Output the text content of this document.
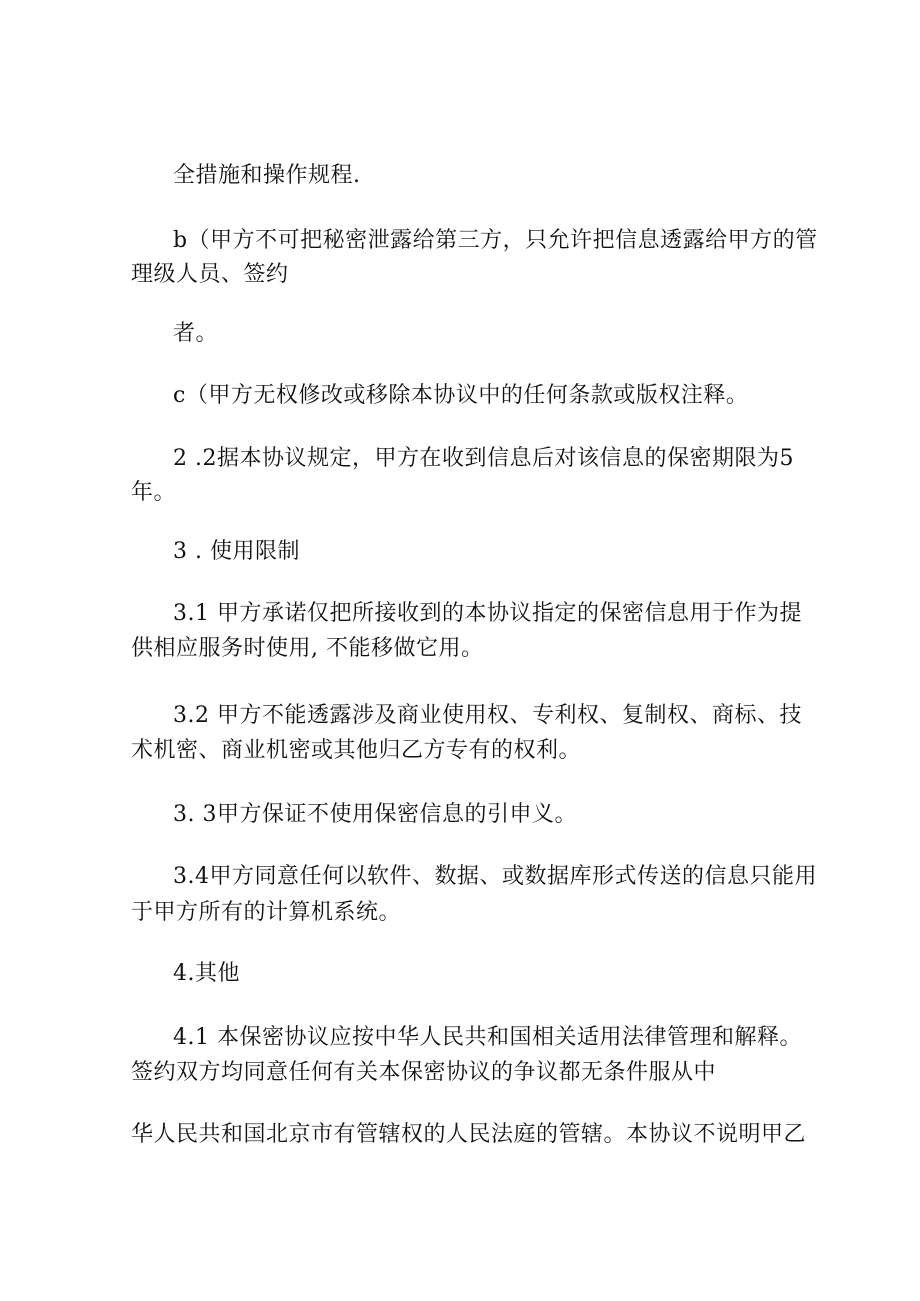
全措施和操作规程.
b（甲方不可把秘密泄露给第三方，只允许把信息透露给甲方的管
理级人员、签约
者。
c（甲方无权修改或移除本协议中的任何条款或版权注释。
2 .2据本协议规定，甲方在收到信息后对该信息的保密期限为5
年。
3 . 使用限制
3.1 甲方承诺仅把所接收到的本协议指定的保密信息用于作为提
供相应服务时使用, 不能移做它用。
3.2 甲方不能透露涉及商业使用权、专利权、复制权、商标、技
术机密、商业机密或其他归乙方专有的权利。
3. 3甲方保证不使用保密信息的引申义。
3.4甲方同意任何以软件、数据、或数据库形式传送的信息只能用
于甲方所有的计算机系统。
4.其他
4.1 本保密协议应按中华人民共和国相关适用法律管理和解释。
签约双方均同意任何有关本保密协议的争议都无条件服从中
华人民共和国北京市有管辖权的人民法庭的管辖。本协议不说明甲乙
